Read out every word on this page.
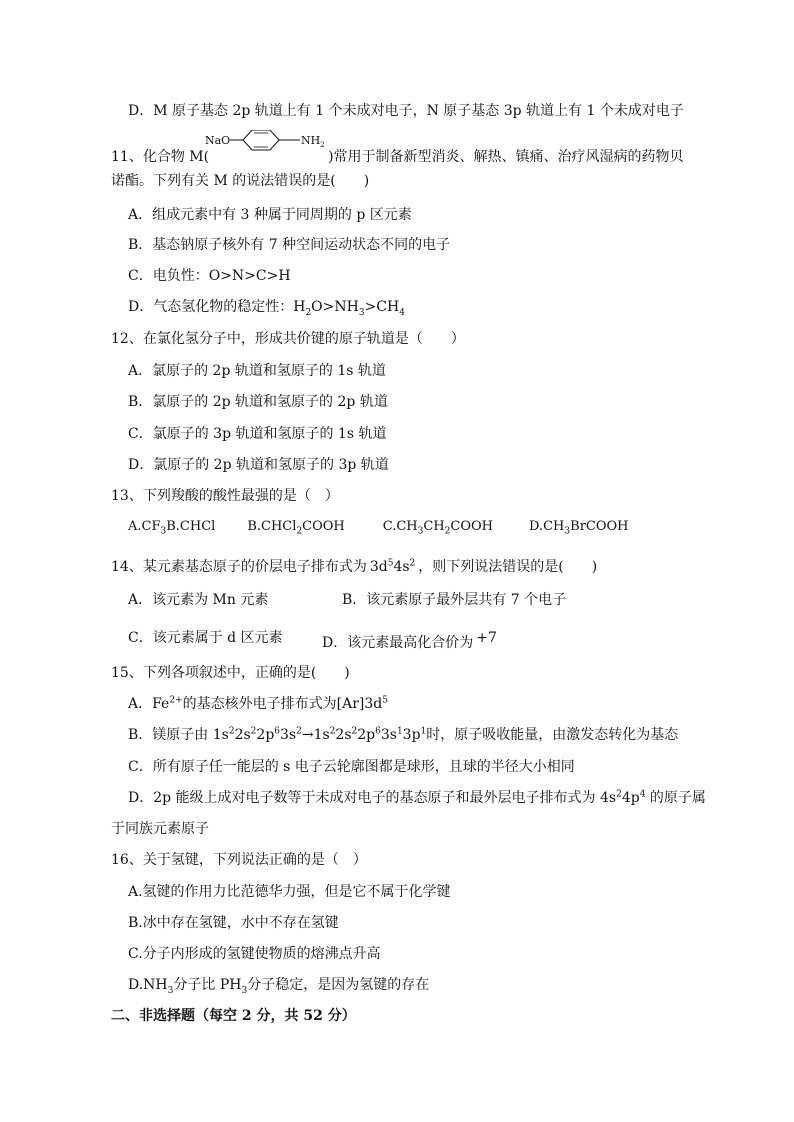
D．M 原子基态 2p 轨道上有 1 个未成对电子，N 原子基态 3p 轨道上有 1 个未成对电子
11、化合物 M(	)常用于制备新型消炎、解热、镇痛、治疗风湿病的药物贝
NaO	$NH_2$
诺酯。下列有关 M 的说法错误的是(　　)
A．组成元素中有 3 种属于同周期的 p 区元素
B．基态钠原子核外有 7 种空间运动状态不同的电子
C．电负性：O>N>C>H
D．气态氢化物的稳定性：$H_2O>NH_3>CH_4$
12、在氯化氢分子中，形成共价键的原子轨道是（　　）
A．氯原子的 2p 轨道和氢原子的 1s 轨道
B．氯原子的 2p 轨道和氢原子的 2p 轨道
C．氯原子的 3p 轨道和氢原子的 1s 轨道
D．氯原子的 2p 轨道和氢原子的 3p 轨道
13、下列羧酸的酸性最强的是（　）
$A.CF_3B.CHCl$ B.CHCl$_2$COOH	$C.CH_3CH_2COOH$	$D.CH_3BrCOOH$
14、某元素基态原子的价层电子排布式为 $3d^54s^2$ ，则下列说法错误的是(　　)
A．该元素为 Mn 元素	B．该元素原子最外层共有 7 个电子
C．该元素属于 d 区元素	D．该元素最高化合价为 +7
15、下列各项叙述中，正确的是(　　)
A．$Fe^{2+}$的基态核外电子排布式为$[Ar]3d^5$
B．镁原子由 $1s^22s^22p^63s^2\to 1s^22s^22p^63s^13p^1$时，原子吸收能量，由激发态转化为基态
C．所有原子任一能层的 s 电子云轮廓图都是球形，且球的半径大小相同
D．2p 能级上成对电子数等于未成对电子的基态原子和最外层电子排布式为 $4s^24p^4$ 的原子属
于同族元素原子
16、关于氢键，下列说法正确的是（　）
A.氢键的作用力比范德华力强，但是它不属于化学键
B.冰中存在氢键，水中不存在氢键
C.分子内形成的氢键使物质的熔沸点升高
$D.NH_3$分子比 $PH_3$分子稳定，是因为氢键的存在
二、非选择题（每空 2 分，共 52 分）
